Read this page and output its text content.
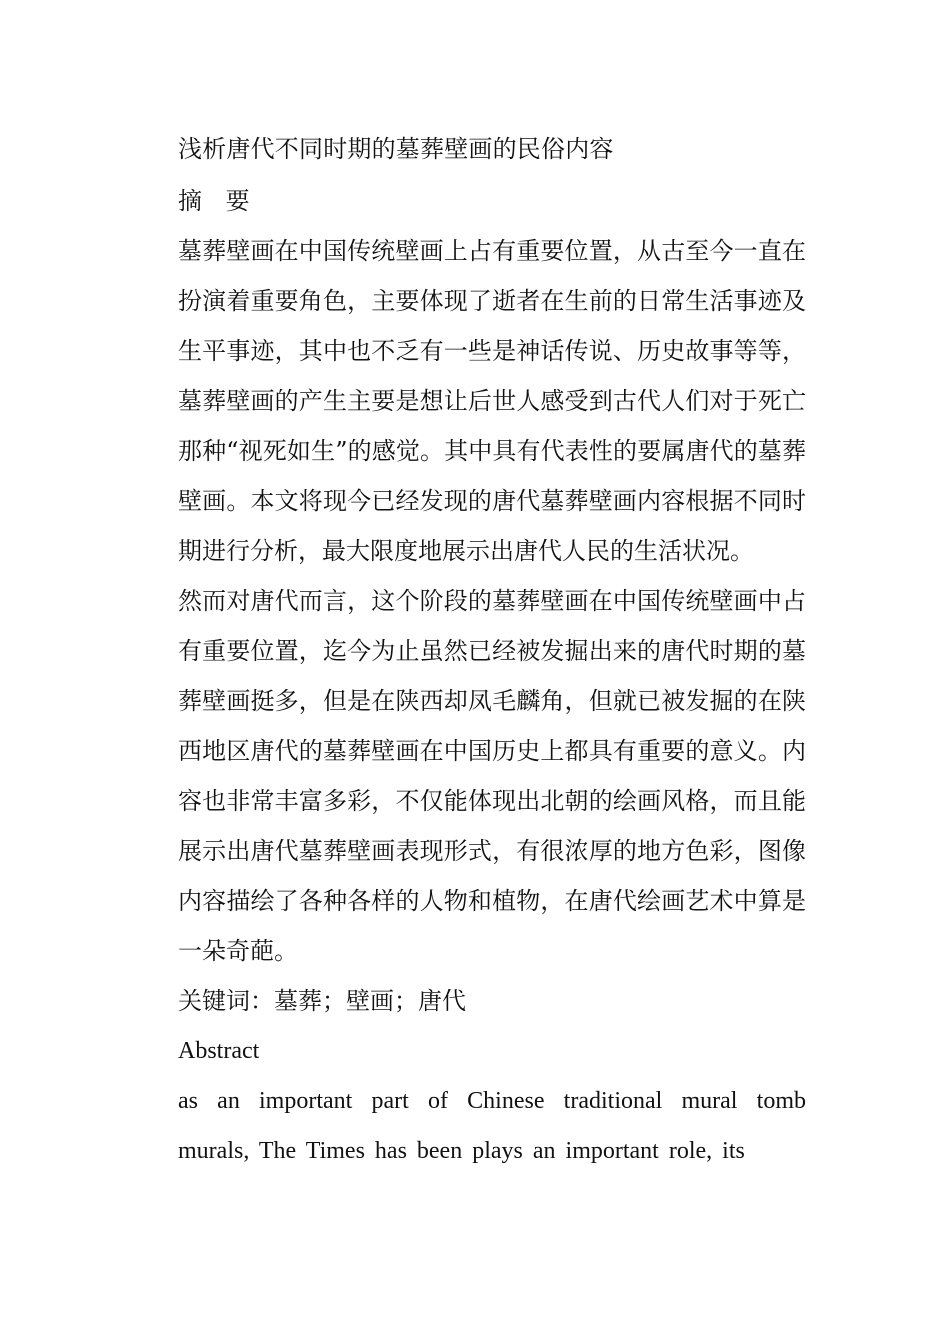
浅析唐代不同时期的墓葬壁画的民俗内容

摘 要

墓葬壁画在中国传统壁画上占有重要位置，从古至今一直在扮演着重要角色，主要体现了逝者在生前的日常生活事迹及生平事迹，其中也不乏有一些是神话传说、历史故事等等，墓葬壁画的产生主要是想让后世人感受到古代人们对于死亡那种“视死如生”的感觉。其中具有代表性的要属唐代的墓葬壁画。本文将现今已经发现的唐代墓葬壁画内容根据不同时期进行分析，最大限度地展示出唐代人民的生活状况。

然而对唐代而言，这个阶段的墓葬壁画在中国传统壁画中占有重要位置，迄今为止虽然已经被发掘出来的唐代时期的墓葬壁画挺多，但是在陕西却凤毛麟角，但就已被发掘的在陕西地区唐代的墓葬壁画在中国历史上都具有重要的意义。内容也非常丰富多彩，不仅能体现出北朝的绘画风格，而且能展示出唐代墓葬壁画表现形式，有很浓厚的地方色彩，图像内容描绘了各种各样的人物和植物，在唐代绘画艺术中算是一朵奇葩。

关键词：墓葬；壁画；唐代

Abstract

as an important part of Chinese traditional mural tomb murals, The Times has been plays an important role, its
